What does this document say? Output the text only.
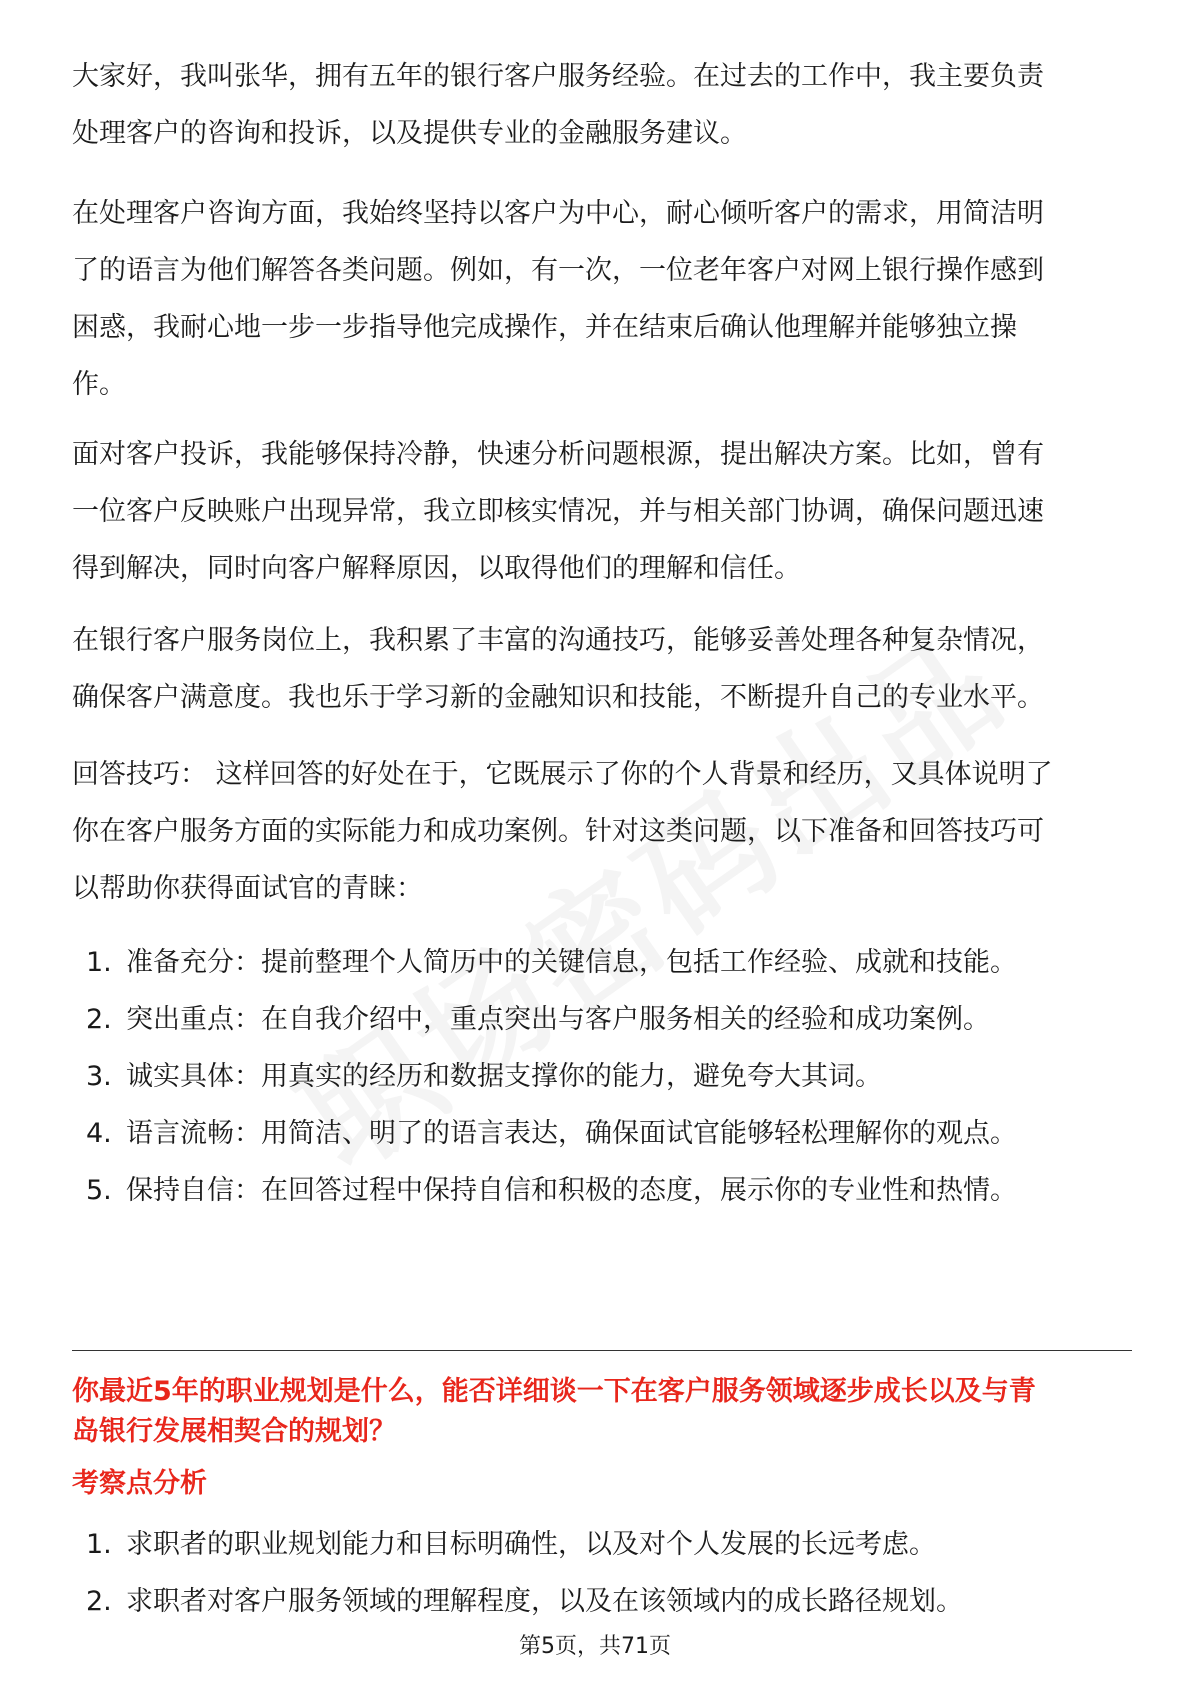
大家好，我叫张华，拥有五年的银行客户服务经验。在过去的工作中，我主要负责
处理客户的咨询和投诉，以及提供专业的金融服务建议。

在处理客户咨询方面，我始终坚持以客户为中心，耐心倾听客户的需求，用简洁明
了的语言为他们解答各类问题。例如，有一次，一位老年客户对网上银行操作感到
困惑，我耐心地一步一步指导他完成操作，并在结束后确认他理解并能够独立操
作。

面对客户投诉，我能够保持冷静，快速分析问题根源，提出解决方案。比如，曾有
一位客户反映账户出现异常，我立即核实情况，并与相关部门协调，确保问题迅速
得到解决，同时向客户解释原因，以取得他们的理解和信任。

在银行客户服务岗位上，我积累了丰富的沟通技巧，能够妥善处理各种复杂情况，
确保客户满意度。我也乐于学习新的金融知识和技能，不断提升自己的专业水平。

回答技巧： 这样回答的好处在于，它既展示了你的个人背景和经历，又具体说明了
你在客户服务方面的实际能力和成功案例。针对这类问题，以下准备和回答技巧可
以帮助你获得面试官的青睐：

1. 准备充分：提前整理个人简历中的关键信息，包括工作经验、成就和技能。
2. 突出重点：在自我介绍中，重点突出与客户服务相关的经验和成功案例。
3. 诚实具体：用真实的经历和数据支撑你的能力，避免夸大其词。
4. 语言流畅：用简洁、明了的语言表达，确保面试官能够轻松理解你的观点。
5. 保持自信：在回答过程中保持自信和积极的态度，展示你的专业性和热情。
你最近5年的职业规划是什么，能否详细谈一下在客户服务领域逐步成长以及与青
岛银行发展相契合的规划？
考察点分析
1. 求职者的职业规划能力和目标明确性，以及对个人发展的长远考虑。
2. 求职者对客户服务领域的理解程度，以及在该领域内的成长路径规划。
第5页，共71页
